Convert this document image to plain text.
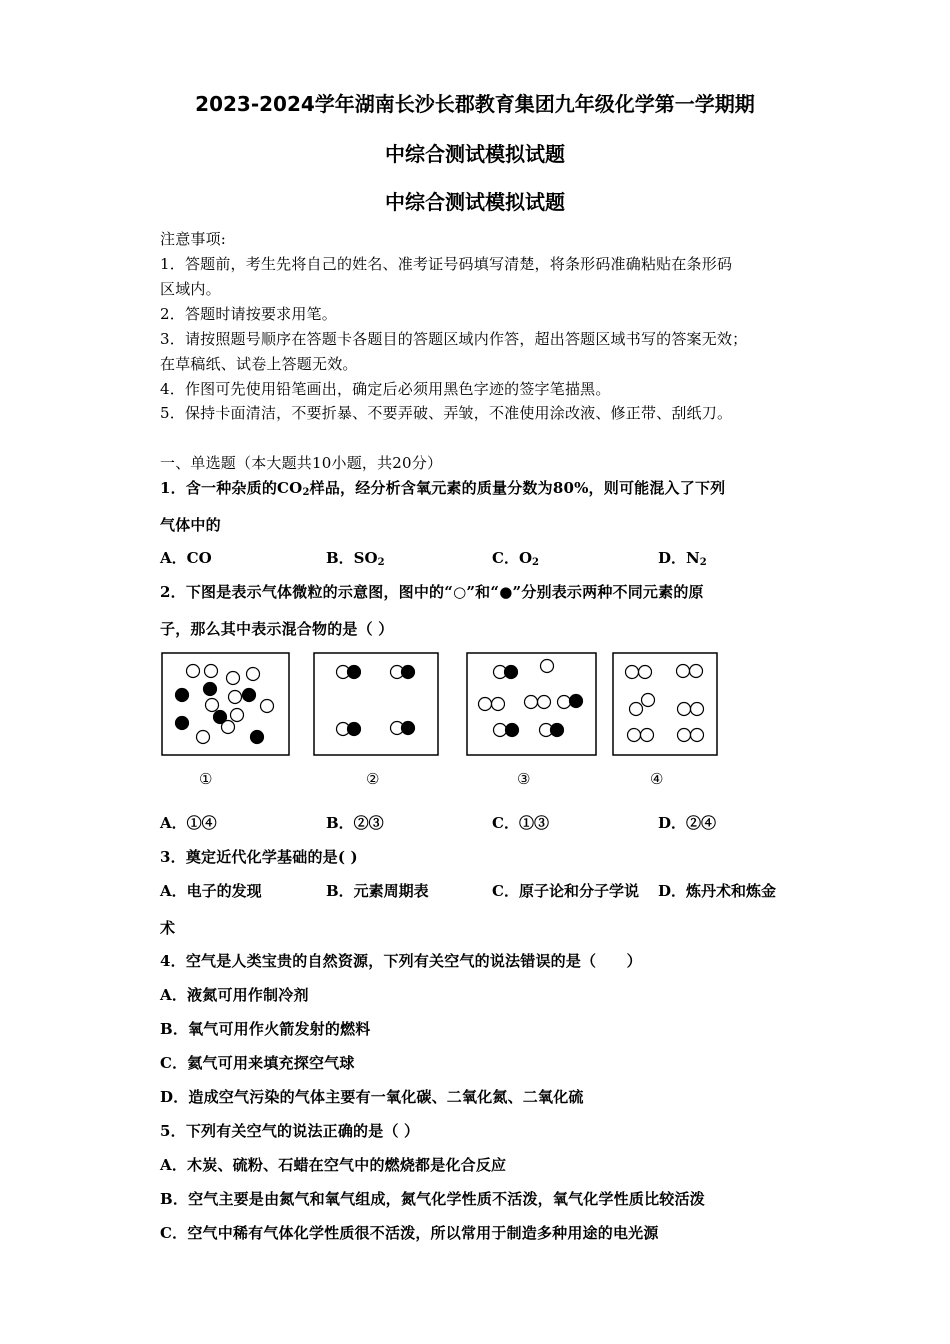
2023-2024学年湖南长沙长郡教育集团九年级化学第一学期期
中综合测试模拟试题
中综合测试模拟试题
注意事项:
1．答题前，考生先将自己的姓名、准考证号码填写清楚，将条形码准确粘贴在条形码
区域内。
2．答题时请按要求用笔。
3．请按照题号顺序在答题卡各题目的答题区域内作答，超出答题区域书写的答案无效；
在草稿纸、试卷上答题无效。
4．作图可先使用铅笔画出，确定后必须用黑色字迹的签字笔描黑。
5．保持卡面清洁，不要折暴、不要弄破、弄皱，不准使用涂改液、修正带、刮纸刀。
一、单选题（本大题共10小题，共20分）
1．含一种杂质的$CO_2$样品，经分析含氧元素的质量分数为80%，则可能混入了下列
气体中的
A．CO	B．$SO_2$	C．$O_2$	D．$N_2$
2．下图是表示气体微粒的示意图，图中的“○”和“●”分别表示两种不同元素的原
子，那么其中表示混合物的是（ ）
①	②	③	④
A．①④	B．②③	C．①③	D．②④
3．奠定近代化学基础的是( )
A．电子的发现	B．元素周期表	C．原子论和分子学说 D．炼丹术和炼金
术
4．空气是人类宝贵的自然资源，下列有关空气的说法错误的是（　　）
A．液氮可用作制冷剂
B．氧气可用作火箭发射的燃料
C．氦气可用来填充探空气球
D．造成空气污染的气体主要有一氧化碳、二氧化氮、二氧化硫
5．下列有关空气的说法正确的是（ ）
A．木炭、硫粉、石蜡在空气中的燃烧都是化合反应
B．空气主要是由氮气和氧气组成，氮气化学性质不活泼，氧气化学性质比较活泼
C．空气中稀有气体化学性质很不活泼，所以常用于制造多种用途的电光源
